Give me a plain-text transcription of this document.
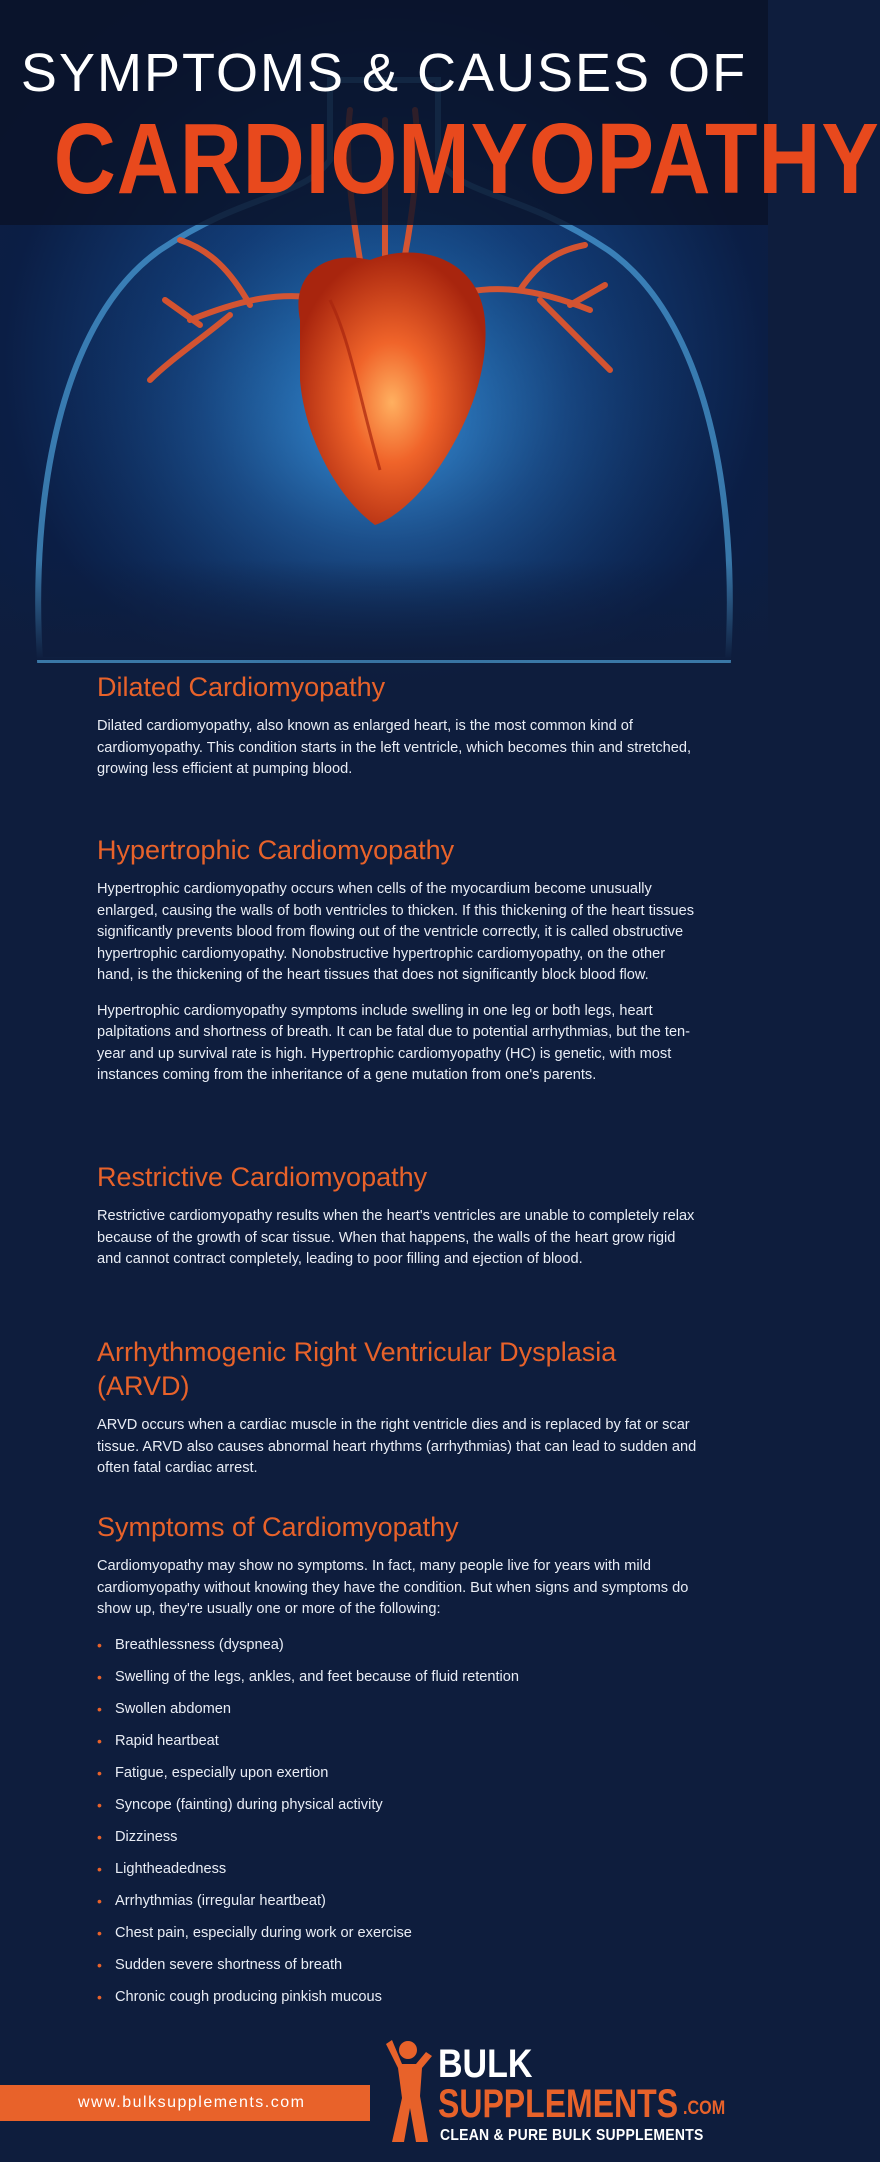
SYMPTOMS & CAUSES OF
CARDIOMYOPATHY
Dilated Cardiomyopathy

Dilated cardiomyopathy, also known as enlarged heart, is the most common kind of cardiomyopathy. This condition starts in the left ventricle, which becomes thin and stretched, growing less efficient at pumping blood.

Hypertrophic Cardiomyopathy

Hypertrophic cardiomyopathy occurs when cells of the myocardium become unusually enlarged, causing the walls of both ventricles to thicken. If this thickening of the heart tissues significantly prevents blood from flowing out of the ventricle correctly, it is called obstructive hypertrophic cardiomyopathy. Nonobstructive hypertrophic cardiomyopathy, on the other hand, is the thickening of the heart tissues that does not significantly block blood flow.

Hypertrophic cardiomyopathy symptoms include swelling in one leg or both legs, heart palpitations and shortness of breath. It can be fatal due to potential arrhythmias, but the ten-year and up survival rate is high. Hypertrophic cardiomyopathy (HC) is genetic, with most instances coming from the inheritance of a gene mutation from one's parents.

Restrictive Cardiomyopathy

Restrictive cardiomyopathy results when the heart's ventricles are unable to completely relax because of the growth of scar tissue. When that happens, the walls of the heart grow rigid and cannot contract completely, leading to poor filling and ejection of blood.

Arrhythmogenic Right Ventricular Dysplasia (ARVD)

ARVD occurs when a cardiac muscle in the right ventricle dies and is replaced by fat or scar tissue. ARVD also causes abnormal heart rhythms (arrhythmias) that can lead to sudden and often fatal cardiac arrest.

Symptoms of Cardiomyopathy

Cardiomyopathy may show no symptoms. In fact, many people live for years with mild cardiomyopathy without knowing they have the condition. But when signs and symptoms do show up, they're usually one or more of the following:

• Breathlessness (dyspnea)
• Swelling of the legs, ankles, and feet because of fluid retention
• Swollen abdomen
• Rapid heartbeat
• Fatigue, especially upon exertion
• Syncope (fainting) during physical activity
• Dizziness
• Lightheadedness
• Arrhythmias (irregular heartbeat)
• Chest pain, especially during work or exercise
• Sudden severe shortness of breath
• Chronic cough producing pinkish mucous
www.bulksupplements.com
BULK
SUPPLEMENTS .COM
CLEAN & PURE BULK SUPPLEMENTS
